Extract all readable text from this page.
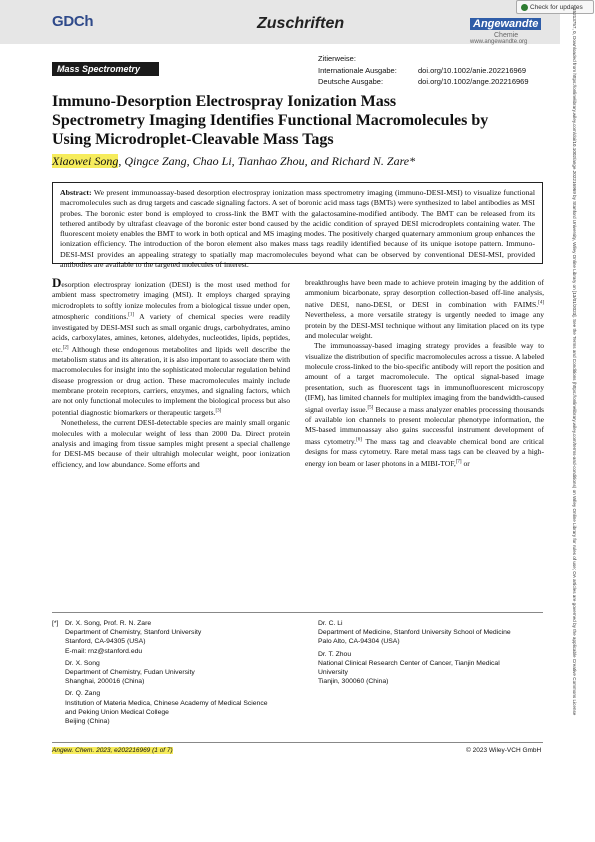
GDCh	Zuschriften	Angewandte
Chemie
www.angewandte.org
Check for updates
Zitierweise:
Internationale Ausgabe:	doi.org/10.1002/anie.202216969
Deutsche Ausgabe:	doi.org/10.1002/ange.202216969
Mass Spectrometry
Immuno-Desorption Electrospray Ionization Mass Spectrometry Imaging Identifies Functional Macromolecules by Using Microdroplet-Cleavable Mass Tags
Xiaowei Song, Qingce Zang, Chao Li, Tianhao Zhou, and Richard N. Zare*
Abstract: We present immunoassay-based desorption electrospray ionization mass spectrometry imaging (immuno-DESI-MSI) to visualize functional macromolecules such as drug targets and cascade signaling factors. A set of boronic acid mass tags (BMTs) were synthesized to label antibodies as MSI probes. The boronic ester bond is employed to cross-link the BMT with the galactosamine-modified antibody. The BMT can be released from its tethered antibody by ultrafast cleavage of the boronic ester bond caused by the acidic condition of sprayed DESI microdroplets containing water. The fluorescent moiety enables the BMT to work in both optical and MS imaging modes. The positively charged quaternary ammonium group enhances the ionization efficiency. The introduction of the boron element also makes mass tags readily identified because of its unique isotope pattern. Immuno-DESI-MSI provides an appealing strategy to spatially map macromolecules beyond what can be observed by conventional DESI-MSI, provided antibodies are available to the targeted molecules of interest.

Desorption electrospray ionization (DESI) is the most used method for ambient mass spectrometry imaging (MSI). It employs charged spraying microdroplets to softly ionize molecules from a biological tissue under open, atmospheric conditions.[1] A variety of chemical species were readily investigated by DESI-MSI such as small organic drugs, carbohydrates, amino acids, carboxylates, amines, ketones, aldehydes, nucleotides, lipids, peptides, etc.[2] Although these endogenous metabolites and lipids well describe the metabolism status and its alteration, it is also important to associate them with macromolecules for insight into the sophisticated molecular regulation behind disease progression or drug action. These macromolecules mainly include membrane protein receptors, carriers, enzymes, and signaling factors, which are not only functional molecules to implement the biological process but also potential diagnostic biomarkers or therapeutic targets.[3]

Nonetheless, the current DESI-detectable species are mainly small organic molecules with a molecular weight of less than 2000 Da. Direct protein analysis and imaging from tissue samples might present a special challenge for DESI-MS because of their ultrahigh molecular weight, poor ionization efficiency, and low abundance. Some efforts and

breakthroughs have been made to achieve protein imaging by the addition of ammonium bicarbonate, spray desorption collection-based off-line analysis, native DESI, nano-DESI, or DESI in combination with FAIMS.[4] Nevertheless, a more versatile strategy is urgently needed to image any protein by the DESI-MSI technique without any limitation placed on its type and molecular weight.

The immunoassay-based imaging strategy provides a feasible way to visualize the distribution of specific macromolecules across a tissue. A labeled molecule cross-linked to the bio-specific antibody will report the position and amount of a target macromolecule. The optical signal-based image presentation, such as fluorescent tags in immunofluorescent microscopy (IFM), has limited channels for multiplex imaging from the bandwidth-caused signal overlay issue.[5] Because a mass analyzer enables processing thousands of available ion channels to present molecular phenotype information, the MS-based immunoassay also gains successful instrument development of mass cytometry.[6] The mass tag and cleavable chemical bond are critical designs for mass cytometry. Rare metal mass tags can be cleaved by a high-energy ion beam or laser photons in a MIBI-TOF,[7] or

[*] Dr. X. Song, Prof. R. N. Zare
Department of Chemistry, Stanford University
Stanford, CA-94305 (USA)
E-mail: rnz@stanford.edu
Dr. X. Song
Department of Chemistry, Fudan University
Shanghai, 200016 (China)
Dr. Q. Zang
Institution of Materia Medica, Chinese Academy of Medical Science
and Peking Union Medical College
Beijing (China)
Dr. C. Li
Department of Medicine, Stanford University School of Medicine
Palo Alto, CA-94304 (USA)
Dr. T. Zhou
National Clinical Research Center of Cancer, Tianjin Medical
University
Tianjin, 300060 (China)
Angew. Chem. 2023, e202216969 (1 of 7)	© 2023 Wiley-VCH GmbH
15213757, 0, Downloaded from https://onlinelibrary.wiley.com/doi/10.1002/ange.202216969 by Stanford University, Wiley Online Library on [13/01/2023]. See the Terms and Conditions (https://onlinelibrary.wiley.com/terms-and-conditions) on Wiley Online Library for rules of use; OA articles are governed by the applicable Creative Commons License
